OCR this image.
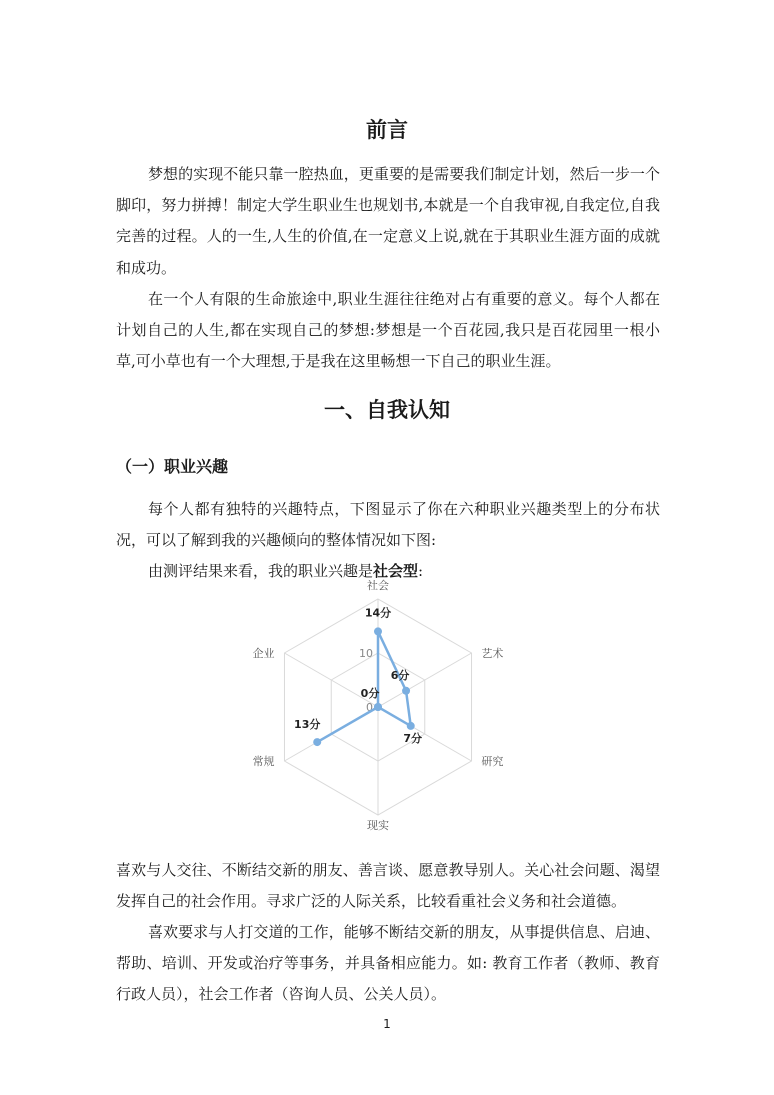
前言

梦想的实现不能只靠一腔热血，更重要的是需要我们制定计划，然后一步一个脚印，努力拼搏！制定大学生职业生也规划书,本就是一个自我审视,自我定位,自我完善的过程。人的一生,人生的价值,在一定意义上说,就在于其职业生涯方面的成就和成功。

在一个人有限的生命旅途中,职业生涯往往绝对占有重要的意义。每个人都在计划自己的人生,都在实现自己的梦想:梦想是一个百花园,我只是百花园里一根小草,可小草也有一个大理想,于是我在这里畅想一下自己的职业生涯。

一、自我认知
（一）职业兴趣

每个人都有独特的兴趣特点，下图显示了你在六种职业兴趣类型上的分布状况，可以了解到我的兴趣倾向的整体情况如下图:

由测评结果来看，我的职业兴趣是社会型:

社会
艺术
研究
现实
常规
企业
0
10
14分
6分
7分
0分
13分

喜欢与人交往、不断结交新的朋友、善言谈、愿意教导别人。关心社会问题、渴望发挥自己的社会作用。寻求广泛的人际关系，比较看重社会义务和社会道德。

喜欢要求与人打交道的工作，能够不断结交新的朋友，从事提供信息、启迪、帮助、培训、开发或治疗等事务，并具备相应能力。如: 教育工作者（教师、教育行政人员），社会工作者（咨询人员、公关人员）。

1
